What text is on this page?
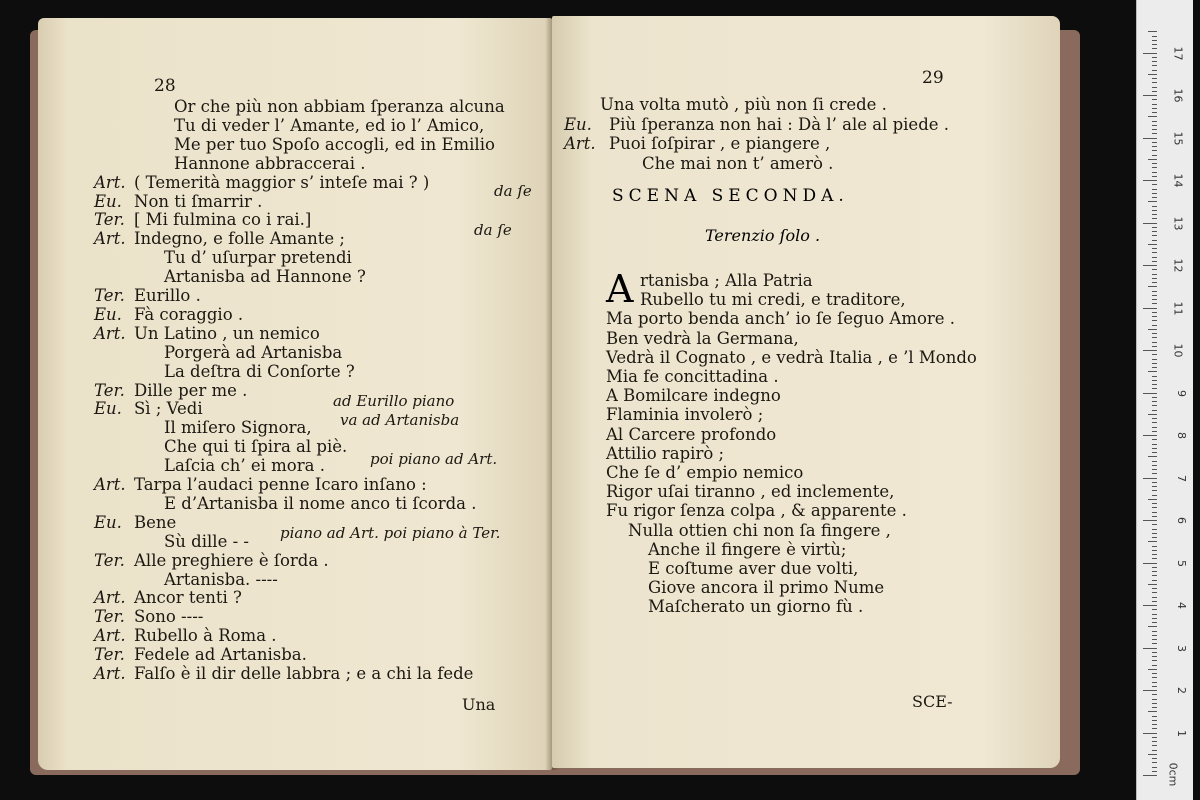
28
Or che più non abbiam ſperanza alcuna
Tu di veder l’ Amante, ed io l’ Amico,
Me per tuo Spoſo accogli, ed in Emilio
Hannone abbraccerai .
Art. ( Temerità maggior s’ inteſe mai ? )
Eu. Non ti ſmarrir .
Ter. [ Mi fulmina co i rai.]
Art. Indegno, e folle Amante ;
Tu d’ uſurpar pretendi
Artanisba ad Hannone ?
Ter. Eurillo .
Eu. Fà coraggio .
Art. Un Latino , un nemico
Porgerà ad Artanisba
La deſtra di Conſorte ?
Ter. Dille per me .
Eu. Sì ; Vedi
Il miſero Signora,
Che qui ti ſpira al piè.
Laſcia ch’ ei mora .
Art. Tarpa l’audaci penne Icaro inſano :
E d’Artanisba il nome anco ti ſcorda .
Eu. Bene
Sù dille - -
Ter. Alle preghiere è ſorda .
Artanisba. ----
Art. Ancor tenti ?
Ter. Sono ----
Art. Rubello à Roma .
Ter. Fedele ad Artanisba.
Art. Falſo è il dir delle labbra ; e a chi la fede
da ſe
da ſe
ad Eurillo piano
va ad Artanisba
poi piano ad Art.
piano ad Art. poi piano à Ter.
Una
29
Una volta mutò , più non ſi crede .
Eu. Più ſperanza non hai : Dà l’ ale al piede .
Art. Puoi ſoſpirar , e piangere ,
Che mai non t’ amerò .
rtanisba ; Alla Patria
Rubello tu mi credi, e traditore,
Ma porto benda anch’ io ſe ſeguo Amore .
Ben vedrà la Germana,
Vedrà il Cognato , e vedrà Italia , e ’l Mondo
Mia fe concittadina .
A Bomilcare indegno
Flaminia involerò ;
Al Carcere profondo
Attilio rapirò ;
Che ſe d’ empio nemico
Rigor uſai tiranno , ed inclemente,
Fu rigor ſenza colpa , & apparente .
Nulla ottien chi non ſa fingere ,
Anche il fingere è virtù;
E coſtume aver due volti,
Giove ancora il primo Nume
Maſcherato un giorno fù .
SCE-
SCENA SECONDA.
Terenzio ſolo .
A
0cm
1
2
3
4
5
6
7
8
9
10
11
12
13
14
15
16
17
